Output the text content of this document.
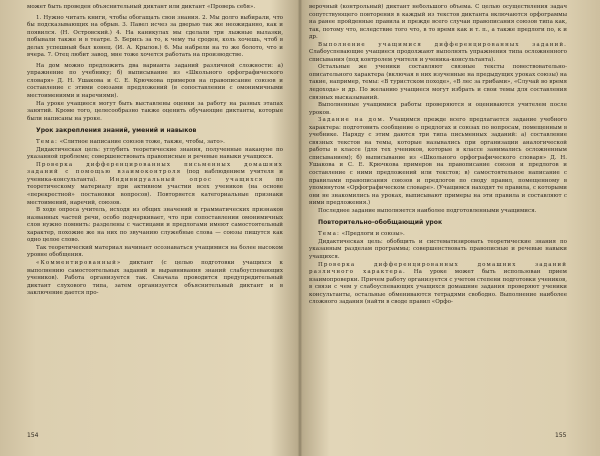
может быть проведен объяснительный диктант или диктант «Проверь себя».

1. Нужно читать книги, чтобы обогащать свои знания. 2. Мы долго выбирали, что бы подсказывающих на обрыв. 3. Павел исчез за дверью так же неожиданно, как и появился. (Н. Островский.) 4. На каникулах мы сделали три лыжные вылазки, побывали также и в театре. 5. Берись за то, к чему ты сроден, коль хочешь, чтоб в делах успешный был конец. (И. А. Крылов.) 6. Мы набрели на то же болото, что и вчера. 7. Отец любит завод, мне тоже хочется работать на производстве.

На дом можно предложить два варианта заданий различной сложности: а) упражнение по учебнику; б) выписывание из «Школьного орфографического словаря» Д. Н. Ушакова и С. Е. Крючкова примеров на правописание союзов и составление с этими союзами предложений (в сопоставлении с омонимичными местоимениями и наречиями).

На уроке учащиеся могут быть выставлены оценки за работу на разных этапах занятий. Кроме того, целесообразно также оценить обучающие диктанты, которые были написаны на уроке.

Урок закрепления знаний, умений и навыков

Тема: «Слитное написание союзов тоже, также, чтобы, зато».

Дидактическая цель: углубить теоретические знания, полученные накануне по указанной проблеме; совершенствовать правописные и речевые навыки учащихся.

Проверка дифференцированных письменных домашних заданий с помощью взаимоконтроля (под наблюдением учителя и ученика-консультанта). Индивидуальный опрос учащихся по теоретическому материалу при активном участии всех учеников (на основе «перекрестной» постановки вопросов). Повторяется категориальные признаки местоимений, наречий, союзов.

В ходе опроса учитель, исходя из общих значений и грамматических признаков названных частей речи, особо подчеркивает, что при сопоставлении омонимичных слов нужно помнить: разделены с частицами и предлогами имеют самостоятельный характер, похожие же на них по звучанию служебные слова — союзы пишутся как одно целое слово.

Так теоретический материал начинает осознаваться учащимися на более высоком уровне обобщения.

«Комментированный» диктант (с целью подготовки учащихся к выполнению самостоятельных заданий и выравнивания знаний слабоуспевающих учеников). Работа организуется так. Сначала проводится предупредительный диктант слухового типа, затем организуется объяснительный диктант и в заключение дается про-

154

верочный (контрольный) диктант небольшого объема. С целью осуществления задач сопутствующего повторения в каждый из текстов диктанта включаются орфограммы на ранее пройденные правила и прежде всего случаи правописания союзов типа как, так, потому что, вследствие того что, в то время как и т. п., а также предлоги по, к и др.

Выполнение учащимися дифференцированных заданий. Слабоуспевающие учащиеся продолжают выполнять упражнения типа осложненного списывания (под контролем учителя и ученика-консультанта).

Остальные же ученики составляют связные тексты повествовательно-описательного характера (включая в них изученные на предыдущих уроках союзы) на такие, например, темы: «В туристском походе», «В лес за грибами», «Случай во время ледохода» и др. По желанию учащиеся могут избрать и свои темы для составления связных высказываний.

Выполненные учащимися работы проверяются и оцениваются учителем после уроков.

Задание на дом. Учащимся прежде всего предлагается задание учебного характера: подготовить сообщение о предлогах и союзах по вопросам, помещенным в учебнике. Наряду с этим даются три типа письменных заданий: а) составление связных текстов на темы, которые назывались при организации аналогической работы в классе (для тех учеников, которые в классе занимались осложненным списыванием); б) выписывание из «Школьного орфографического словаря» Д. Н. Ушакова и С. Е. Крючкова примеров на правописание союзов и предлогов и составление с ними предложений или текстов; в) самостоятельное написание с правилами правописания союзов и предлогов по своду правил, помещенному в упомянутом «Орфографическом словаре». (Учащимся находят те правила, с которыми они не знакомились на уроках, выписывают примеры на эти правила и составляют с ними предложения.)

Последнее задание выполняется наиболее подготовленными учащимися.

Повторительно-обобщающий урок

Тема: «Предлоги и союзы».

Дидактическая цель: обобщить и систематизировать теоретические знания по указанным разделам программы; совершенствовать правописные и речевые навыки учащихся.

Проверка дифференцированных домашних заданий различного характера. На уроке может быть использован прием взаимопроверки. Причем работу организуется с учетом степени подготовки учеников, в связи с чем у слабоуспевающих учащихся домашние задания проверяют ученики консультанты, остальные обмениваются тетрадями свободно. Выполнение наиболее сложного задания (найти в своде правил «Орфо-

155
